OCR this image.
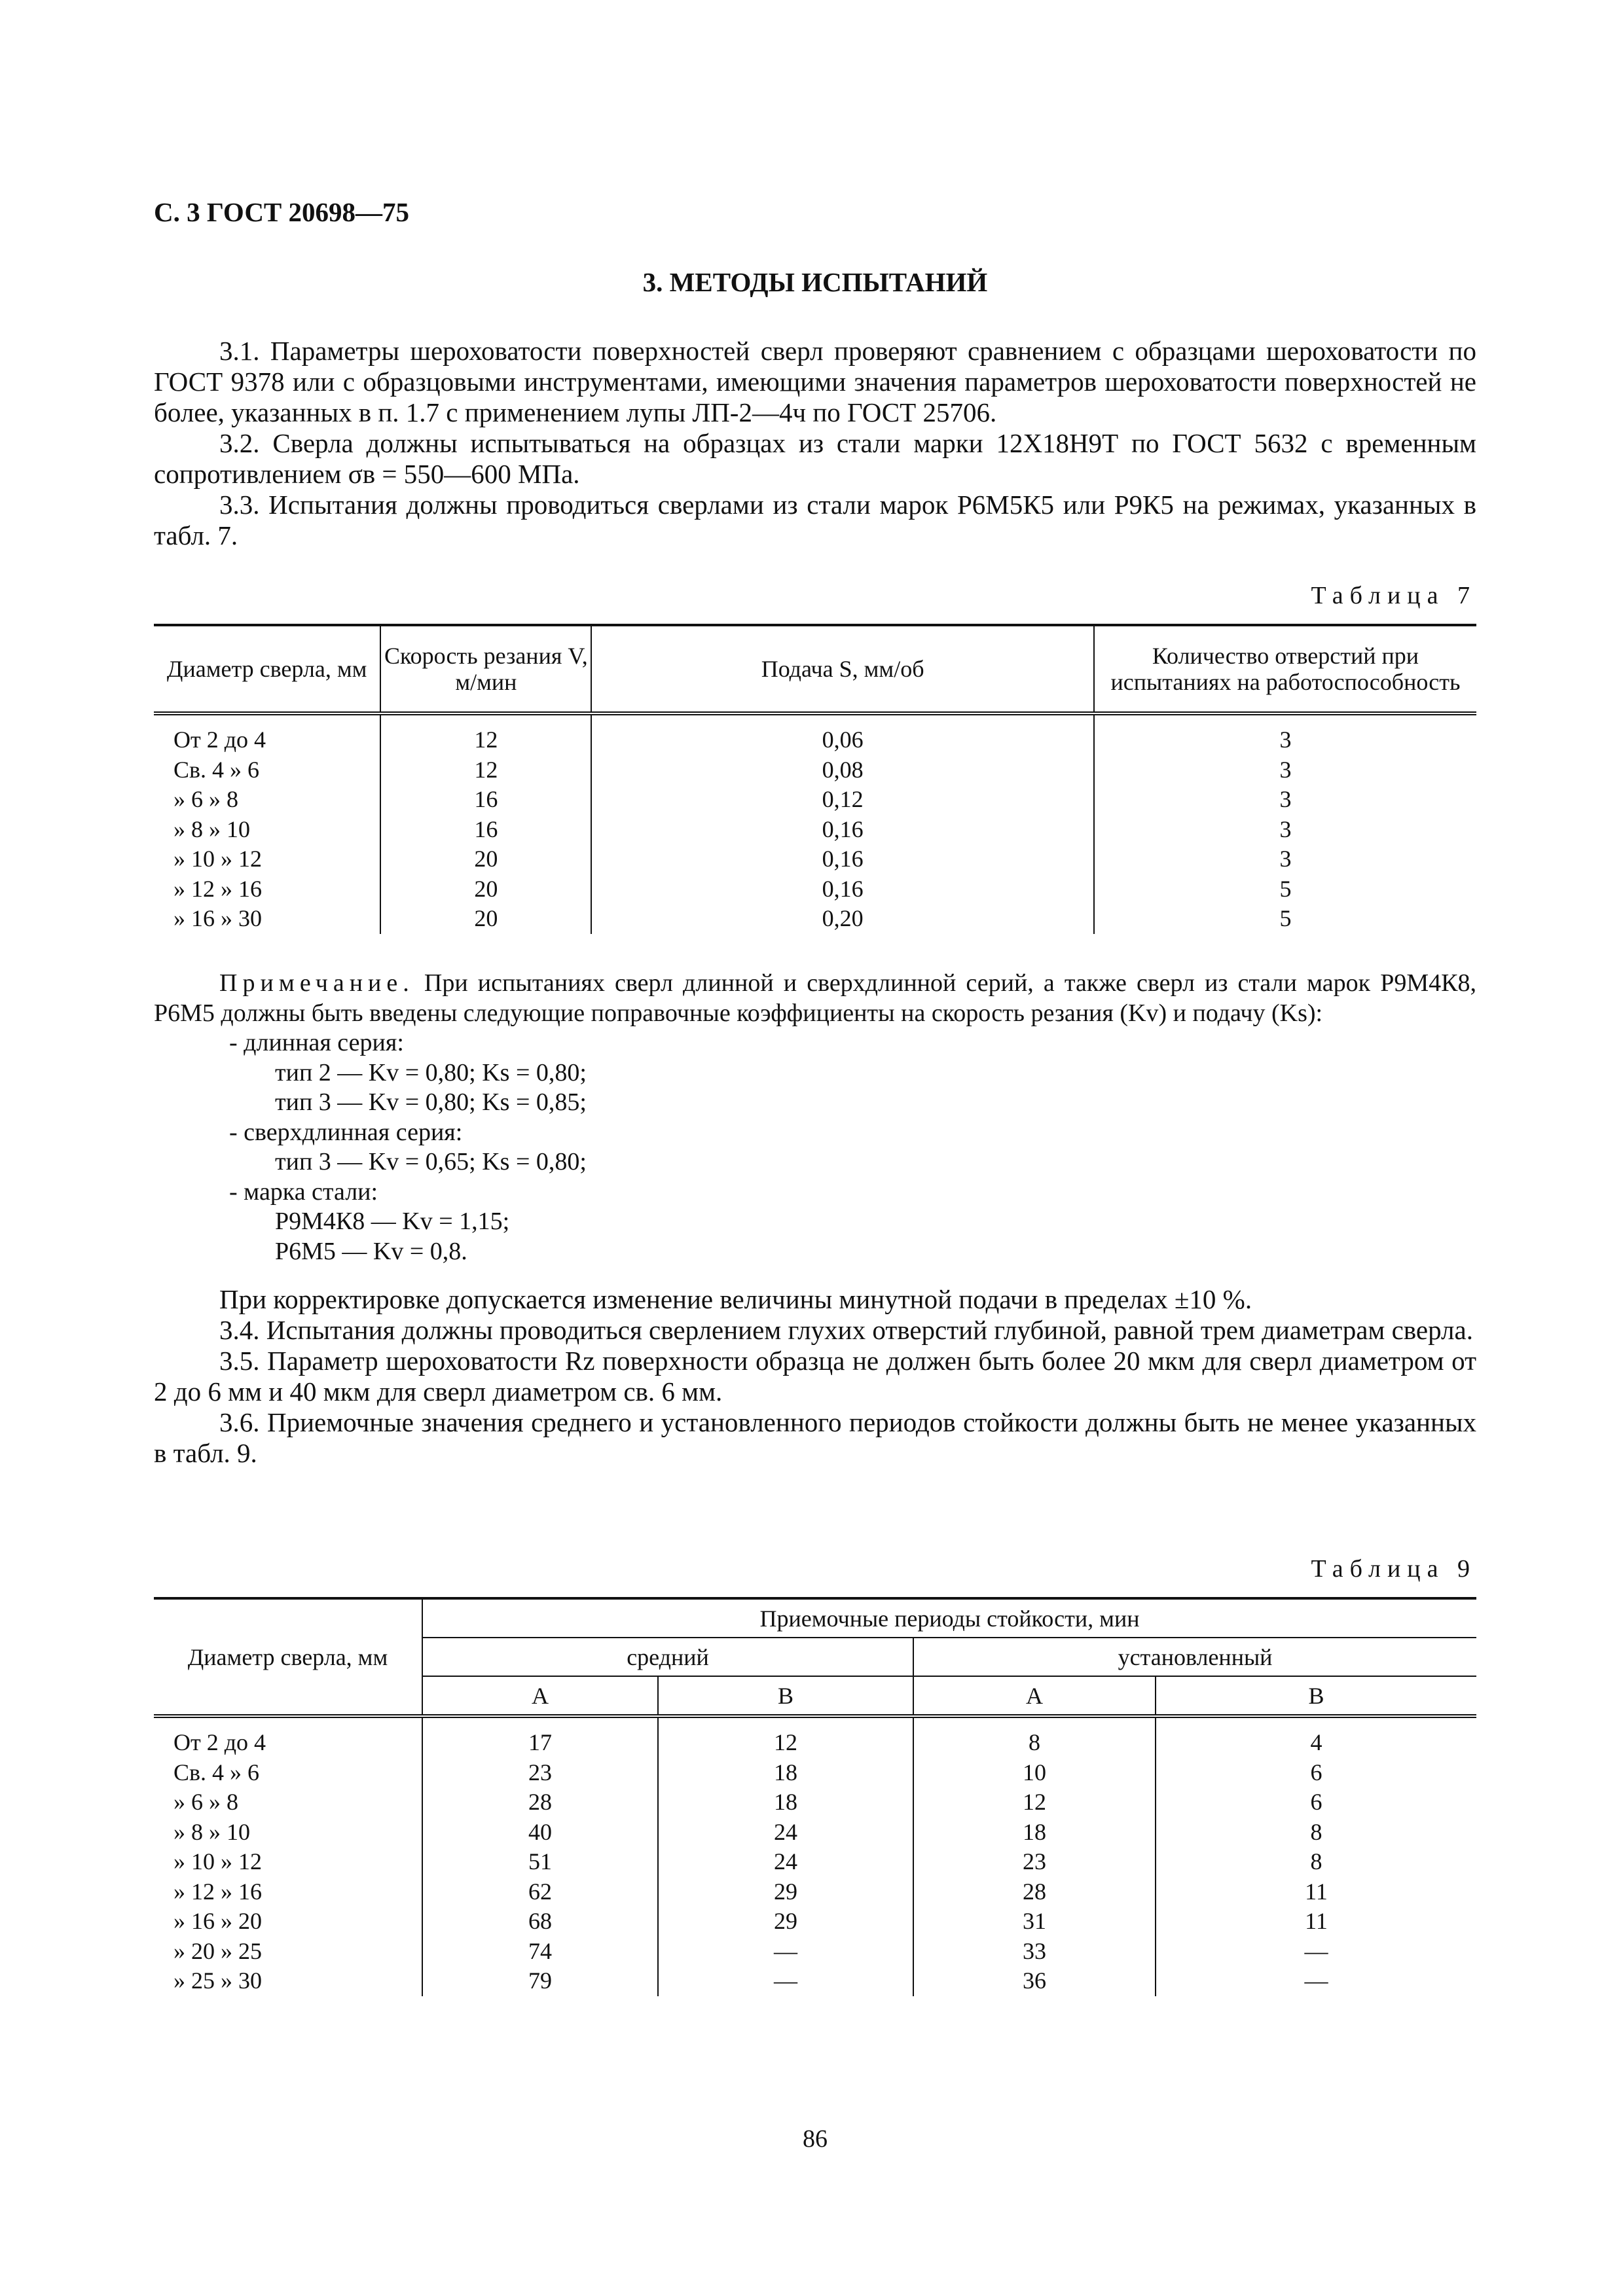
С. 3 ГОСТ 20698—75
3. МЕТОДЫ ИСПЫТАНИЙ

3.1. Параметры шероховатости поверхностей сверл проверяют сравнением с образцами шероховатости по ГОСТ 9378 или с образцовыми инструментами, имеющими значения параметров шероховатости поверхностей не более, указанных в п. 1.7 с применением лупы ЛП-2—4ч по ГОСТ 25706.

3.2. Сверла должны испытываться на образцах из стали марки 12Х18Н9Т по ГОСТ 5632 с временным сопротивлением σв = 550—600 МПа.

3.3. Испытания должны проводиться сверлами из стали марок Р6М5К5 или Р9К5 на режимах, указанных в табл. 7.

Таблица 7
Диаметр сверла, мм	Скорость резания V, м/мин	Подача S, мм/об	Количество отверстий при испытаниях на работоспособность

От 2 до 4	12	0,06	3
Св. 4 » 6	12	0,08	3
» 6 » 8	16	0,12	3
» 8 » 10	16	0,16	3
» 10 » 12	20	0,16	3
» 12 » 16	20	0,16	5
» 16 » 30	20	0,20	5

Примечание. При испытаниях сверл длинной и сверхдлинной серий, а также сверл из стали марок Р9М4К8, Р6М5 должны быть введены следующие поправочные коэффициенты на скорость резания (Kv) и подачу (Ks):

- длинная серия:

тип 2 — Kv = 0,80; Ks = 0,80;

тип 3 — Kv = 0,80; Ks = 0,85;

- сверхдлинная серия:

тип 3 — Kv = 0,65; Ks = 0,80;

- марка стали:

Р9М4К8 — Kv = 1,15;

Р6М5 — Kv = 0,8.

При корректировке допускается изменение величины минутной подачи в пределах ±10 %.

3.4. Испытания должны проводиться сверлением глухих отверстий глубиной, равной трем диаметрам сверла.

3.5. Параметр шероховатости Rz поверхности образца не должен быть более 20 мкм для сверл диаметром от 2 до 6 мм и 40 мкм для сверл диаметром св. 6 мм.

3.6. Приемочные значения среднего и установленного периодов стойкости должны быть не менее указанных в табл. 9.

Таблица 9
Диаметр сверла, мм	Приемочные периоды стойкости, мин			
	средний		установленный	
	А	В	А	В

От 2 до 4	17	12	8	4
Св. 4 » 6	23	18	10	6
» 6 » 8	28	18	12	6
» 8 » 10	40	24	18	8
» 10 » 12	51	24	23	8
» 12 » 16	62	29	28	11
» 16 » 20	68	29	31	11
» 20 » 25	74	—	33	—
» 25 » 30	79	—	36	—
86
